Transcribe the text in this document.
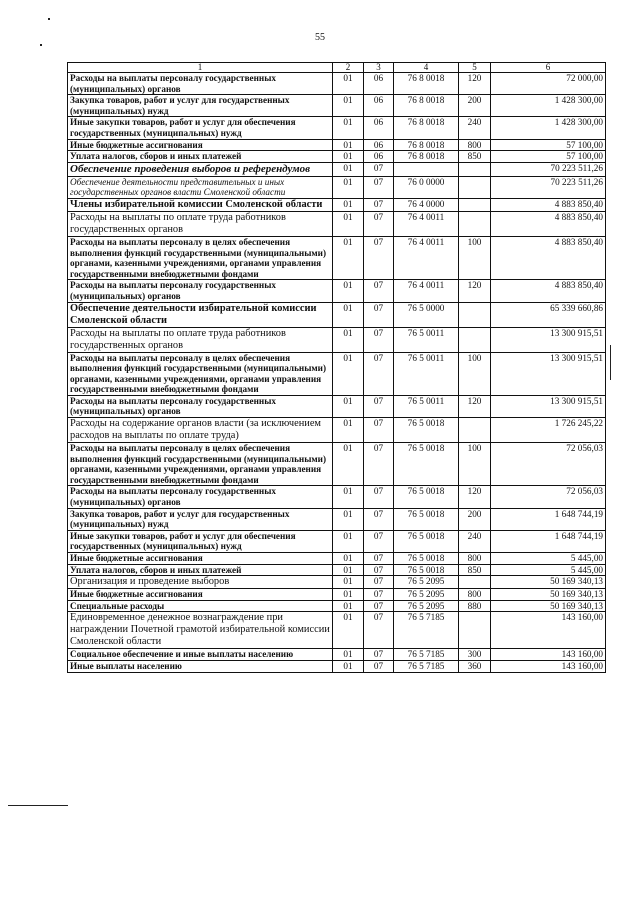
55
1	2	3	4	5	6
Расходы на выплаты персоналу государственных (муниципальных) органов	01	06	76 8 0018	120	72 000,00
Закупка товаров, работ и услуг для государственных (муниципальных) нужд	01	06	76 8 0018	200	1 428 300,00
Иные закупки товаров, работ и услуг для обеспечения государственных (муниципальных) нужд	01	06	76 8 0018	240	1 428 300,00
Иные бюджетные ассигнования	01	06	76 8 0018	800	57 100,00
Уплата налогов, сборов и иных платежей	01	06	76 8 0018	850	57 100,00
Обеспечение проведения выборов и референдумов	01	07			70 223 511,26
Обеспечение деятельности представительных и иных государственных органов власти Смоленской области	01	07	76 0 0000		70 223 511,26
Члены избирательной комиссии Смоленской области	01	07	76 4 0000		4 883 850,40
Расходы на выплаты по оплате труда работников государственных органов	01	07	76 4 0011		4 883 850,40
Расходы на выплаты персоналу в целях обеспечения выполнения функций государственными (муниципальными) органами, казенными учреждениями, органами управления государственными внебюджетными фондами	01	07	76 4 0011	100	4 883 850,40
Расходы на выплаты персоналу государственных (муниципальных) органов	01	07	76 4 0011	120	4 883 850,40
Обеспечение деятельности избирательной комиссии Смоленской области	01	07	76 5 0000		65 339 660,86
Расходы на выплаты по оплате труда работников государственных органов	01	07	76 5 0011		13 300 915,51
Расходы на выплаты персоналу в целях обеспечения выполнения функций государственными (муниципальными) органами, казенными учреждениями, органами управления государственными внебюджетными фондами	01	07	76 5 0011	100	13 300 915,51
Расходы на выплаты персоналу государственных (муниципальных) органов	01	07	76 5 0011	120	13 300 915,51
Расходы на содержание органов власти (за исключением расходов на выплаты по оплате труда)	01	07	76 5 0018		1 726 245,22
Расходы на выплаты персоналу в целях обеспечения выполнения функций государственными (муниципальными) органами, казенными учреждениями, органами управления государственными внебюджетными фондами	01	07	76 5 0018	100	72 056,03
Расходы на выплаты персоналу государственных (муниципальных) органов	01	07	76 5 0018	120	72 056,03
Закупка товаров, работ и услуг для государственных (муниципальных) нужд	01	07	76 5 0018	200	1 648 744,19
Иные закупки товаров, работ и услуг для обеспечения государственных (муниципальных) нужд	01	07	76 5 0018	240	1 648 744,19
Иные бюджетные ассигнования	01	07	76 5 0018	800	5 445,00
Уплата налогов, сборов и иных платежей	01	07	76 5 0018	850	5 445,00
Организация и проведение выборов	01	07	76 5 2095		50 169 340,13
Иные бюджетные ассигнования	01	07	76 5 2095	800	50 169 340,13
Специальные расходы	01	07	76 5 2095	880	50 169 340,13
Единовременное денежное вознаграждение при награждении Почетной грамотой избирательной комиссии Смоленской области	01	07	76 5 7185		143 160,00
Социальное обеспечение и иные выплаты населению	01	07	76 5 7185	300	143 160,00
Иные выплаты населению	01	07	76 5 7185	360	143 160,00
